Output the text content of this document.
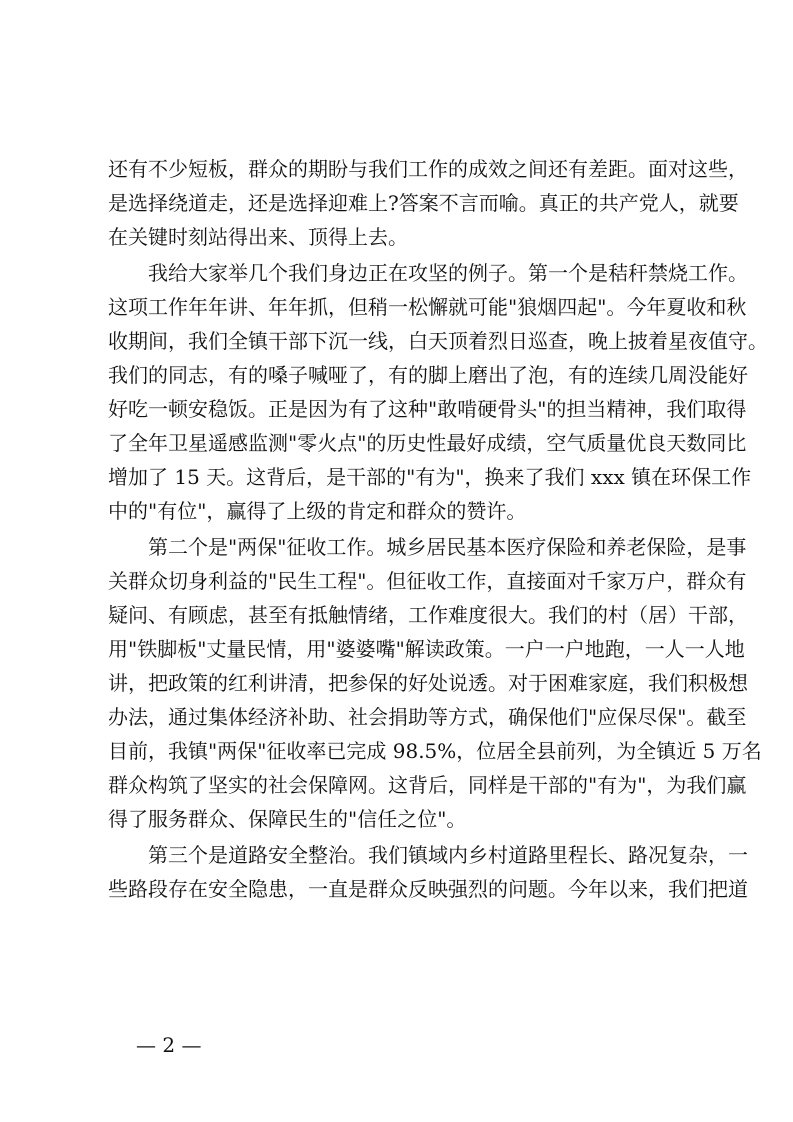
还有不少短板，群众的期盼与我们工作的成效之间还有差距。面对这些，

是选择绕道走，还是选择迎难上?答案不言而喻。真正的共产党人，就要

在关键时刻站得出来、顶得上去。

我给大家举几个我们身边正在攻坚的例子。第一个是秸秆禁烧工作。

这项工作年年讲、年年抓，但稍一松懈就可能"狼烟四起"。今年夏收和秋

收期间，我们全镇干部下沉一线，白天顶着烈日巡查，晚上披着星夜值守。

我们的同志，有的嗓子喊哑了，有的脚上磨出了泡，有的连续几周没能好

好吃一顿安稳饭。正是因为有了这种"敢啃硬骨头"的担当精神，我们取得

了全年卫星遥感监测"零火点"的历史性最好成绩，空气质量优良天数同比

增加了 15 天。这背后，是干部的"有为"，换来了我们 xxx 镇在环保工作

中的"有位"，赢得了上级的肯定和群众的赞许。

第二个是"两保"征收工作。城乡居民基本医疗保险和养老保险，是事

关群众切身利益的"民生工程"。但征收工作，直接面对千家万户，群众有

疑问、有顾虑，甚至有抵触情绪，工作难度很大。我们的村（居）干部，

用"铁脚板"丈量民情，用"婆婆嘴"解读政策。一户一户地跑，一人一人地

讲，把政策的红利讲清，把参保的好处说透。对于困难家庭，我们积极想

办法，通过集体经济补助、社会捐助等方式，确保他们"应保尽保"。截至

目前，我镇"两保"征收率已完成 98.5%，位居全县前列，为全镇近 5 万名

群众构筑了坚实的社会保障网。这背后，同样是干部的"有为"，为我们赢

得了服务群众、保障民生的"信任之位"。

第三个是道路安全整治。我们镇域内乡村道路里程长、路况复杂，一

些路段存在安全隐患，一直是群众反映强烈的问题。今年以来，我们把道

— 2 —
